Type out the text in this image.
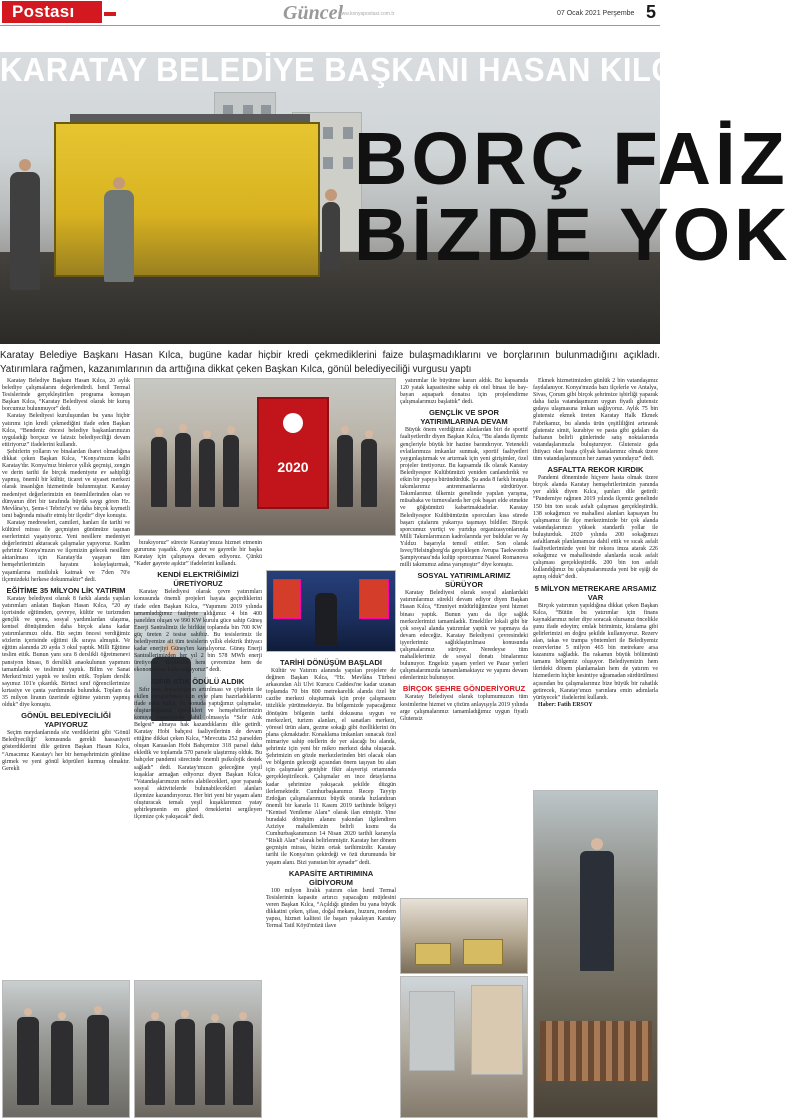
Postası	Güncel
www.konyapostasi.com.tr	07 Ocak 2021 Perşembe 5
KARATAY BELEDİYE BAŞKANI HASAN KILCA
BORÇ FAİZ
BİZDE YOK
Karatay Belediye Başkanı Hasan Kılca, bugüne kadar hiçbir kredi çekmediklerini faize bulaşmadıklarını ve borçlarının bulunmadığını açıkladı. Yatırımlara rağmen, kazanımlarının da arttığına dikkat çeken Başkan Kılca, gönül belediyeciliği vurgusu yaptı
2020

Karatay Belediye Başkanı Hasan Kılca, 20 aylık belediye çalışmalarını değerlendirdi. İsmil Termal Tesislerinde gerçekleştirilen programa konuşan Başkan Kılca, “Karatay Belediyesi olarak bir kuruş borcumuz bulunmuyor” dedi.

Karatay Belediyesi kuruluşundan bu yana hiçbir yatırımı için kredi çekmediğini ifade eden Başkan Kılca, “Bendeniz öncesi belediye başkanlarımızın uyguladığı borçsuz ve faizsiz belediyeciliği devam ettiriyoruz” ifadelerini kullandı.

Şehirlerin yolların ve binalardan ibaret olmadığına dikkat çeken Başkan Kılca, “Konya'mızın kalbi Karatay'dır. Konya'mız binlerce yıllık geçmişi, zengin ve derin tarihi ile birçok medeniyete ev sahipliği yapmış, önemli bir kültür, ticaret ve siyaset merkezi olarak insanlığın hizmetinde bulunmuştur. Karatay medeniyet değerlerimizin en önemlilerinden olan ve dünyanın dört bir tarafında büyük saygı gören Hz. Mevlâna'yı, Şems-i Tebrizi'yi ve daha birçok kıymetli ismi bağrında misafir etmiş bir ilçedir” diye konuştu.

Karatay medreseleri, camileri, hanları ile tarihi ve kültürel mirası ile geçmişten günümüze taşınan eserlerimizi yaşatıyoruz. Yeni nesillere medeniyet değerlerimizi aktaracak çalışmalar yapıyoruz. Kadim şehrimiz Konya'mızın ve ilçemizin gelecek nesillere aktarılması için Karatay'da yaşayan tüm hemşehrilerimizin hayatını kolaylaştırmak, yaşamlarına mutluluk katmak ve 7'den 70'e ilçemizdeki herkese dokunmaktır” dedi.

EĞİTİME 35 MİLYON LİK YATIRIM

Karatay belediyesi olarak 8 farklı alanda yapılan yatırımları anlatan Başkan Hasan Kılca, “20 ay içerisinde eğitimden, çevreye, kültür ve turizmden gençlik ve spora, sosyal yardımlardan ulaşıma, kentsel dönüşümden daha birçok alana kadar yatırımlarımızı oldu. Biz seçim öncesi verdiğimiz sözlerin içerisinde eğitimi ilk sıraya almıştık. Ve eğitim alanında 20 ayda 3 okul yaptık. Milli Eğitime teslim ettik. Bunun yanı sıra 8 derslikli öğretmenevi pansiyon binası, 8 derslikli anaokulunun yapımını tamamladık ve teslimini yaptık. Bilim ve Sanat Merkezi'mizi yaptık ve teslim ettik. Toplam derslik sayımız 101'e çıkardık. Birinci sınıf öğrencilerimize kırtasiye ve çanta yardımında bulunduk. Toplam da 35 milyon liranın üzerinde eğitime yatırım yapmış olduk” diye konuştu.

GÖNÜL BELEDİYECİLİĞİ YAPIYORUZ

Seçim meydanlarında söz verdiklerini gibi ‘Gönül Belediyeciliği’ konusunda gerekli hassasiyeti gösterdiklerini dile getiren Başkan Hasan Kılca, “Amacımız Karatay'ı her bir hemşehrimizin gönlüne girmek ve yeni gönül köprüleri kurmuş olmaktır. Gerekli

bırakıyoruz” sürecte Karatay'ımıza hizmet etmenin gururunu yaşadık. Aynı gurur ve gayretle bir başka Karatay için çalışmaya devam ediyoruz. Çünkü “Kader gayrete aşıktır” ifadelerini kullandı.

KENDİ ELEKTRİĞİMİZİ ÜRETİYORUZ

Karatay Belediyesi olarak çevre yatırımları konusunda önemli projeleri hayata geçirdiklerini ifade eden Başkan Kılca, “Yapımını 2019 yılında tamamladığımız faaliyete aldığımız 4 bin 400 panelden oluşan ve 990 KW kurulu güce sahip Güneş Enerji Santralimiz ile birlikte toplamda bin 700 KW güç üreten 2 tesise sahibiz. Bu tesislerimiz ile belediyemize ait tüm tesislerin yıllık elektrik ihtiyacı kadar enerjiyi Güneş'ten karşılıyoruz. Güneş Enerji Santrallerimizden her yıl 2 bin 578 MWh enerji üretiyoruz. Böylelikle hem çevremize hem de ekonomimize katkı sağlıyoruz” dedi.

SIFIR ATIK ÖDÜLÜ ALDIK

Sıfır atık duyarlılığının artırılması ve çöplerin ile ekilen ayrıştırılması için eyle planı hazırladıklarını ifade eden Kılca, bu konuda yaptığımız çalışmalar, oluşturduğumuz işbirlikleri ve hemşehrilerimizin konuya hassasiyetle dahil olmasıyla “Sıfır Atık Belgesi” almaya hak kazandıklarını dile getirdi. Karatay Hobi bahçesi faaliyetlerinin de devam ettiğine dikkat çeken Kılca, “Mevcutta 252 parselden oluşan Karaaslan Hobi Bahçemize 318 parsel daha ekledik ve toplamda 570 parsele ulaştırmış olduk. Bu bahçeler pandemi sürecinde önemli psikolojik destek sağladı” dedi. Karatay'ımızın geleceğine yeşil kuşaklar armağan ediyoruz diyen Başkan Kılca, “Vatandaşlarımızın nefes alabilecekleri, spor yaparak sosyal aktivitelerde bulunabilecekleri alanları ilçemize kazandırıyoruz. Her biri yeni bir yaşam alanı oluşturacak temalı yeşil kuşaklarımızı yatay şehirleşmenin en güzel örneklerini sergileyen ilçemize çok yakışacak” dedi.

TARİHİ DÖNÜŞÜM BAŞLADI

Kültür ve Yatırım alanında yapılan projelere de değinen Başkan Kılca, “Hz. Mevlâna Türbesi arkasından Ali Ulvi Kurucu Caddesi'ne kadar uzanan toplamda 70 bin 800 metrekarelik alanda özel bir cazibe merkezi oluşturmak için proje çalışmasını titizlikle yürütmekteyiz. Bu bölgemizde yapacağımız dönüşüm bölgenin tarihi dokusuna uygun ve merkezleri, turizm alanları, el sanatları merkezi, yöresel ürün alanı, gezme sokağı gibi özelliklerini ön plana çıkmaktadır. Konaklama imkanları sunacak özel mimariye sahip otellerin de yer alacağı bu alanda, şehrimiz için yeni bir mikro merkezi daha oluşacak. Şehrimizin en gözde merkezlerinden biri olacak olan ve bölgenin geleceği açısından önem taşıyan bu alan için çalışmalar genişbir fikir alışverişi ortamında gerçekleştirilecek. Çalışmalar en ince detaylarına kadar şehrimize yakışacak şekilde düzgün ilerlemektedir. Cumhurbaşkanımız Recep Tayyip Erdoğan çalışmalarımızı büyük oranda hızlandıran önemli bir kararla 11 Kasım 2019 tarihinde bölgeyi “Kentsel Yenileme Alanı” olarak ilan etmiştir. Yine buradaki dönüşüm alanını yakından ilgilendiren Aziziye mahallemizin belirli kısmı da Cumhurbaşkanımızın 14 Nisan 2020 tarihli kararıyla “Riskli Alan” olarak belirlenmiştir. Karatay her dönem geçmişin mirası, bizim ortak tarihimizdir. Karatay tarihi ile Konya'nın çekirdeği ve özü durumunda bir yaşam alanı. Bizi yansıtan bir aynadır” dedi.

KAPASİTE ARTIRIMINA GİDİYORUM

100 milyon liralık yatırım olan İsmil Termal Tesislerinin kapasite artırıcı yapacağını müjdesini veren Başkan Kılca, “Açıldığı günden bu yana büyük dikkatini çeken, şifası, doğal mekanı, huzuru, modern yapısı, hizmet kalitesi ile başarı yakalayan Karatay Termal Tatil Köyü'müzü ilave

yatırımlar ile büyütme kararı aldık. Bu kapsamda 120 yatak kapasitesine sahip ek otel binası ile bay-bayan aquapark donatısı için projelendirme çalışmalarımızı başlattık” dedi.

GENÇLİK VE SPOR YATIRIMLARINA DEVAM

Büyük önem verdiğimiz alanlardan biri de sportif faaliyetlerdir diyen Başkan Kılca, “Bu alanda ilçemiz gençleriyle büyük bir hazine barındırıyor. Yetenekli evlatlarımıza imkanlar sunmak, sportif faaliyetleri yaygınlaştırmak ve artırmak için yeni girişimler, özel projeler üretiyoruz. Bu kapsamda ilk olarak Karatay Belediyespor Kulübümüzü yeniden canlandırdık ve etkin bir yapıya büründürdük. Şu anda 8 farklı branşta takımlarımız antrenmanlarına sürdürüyor. Takımlarımız ülkemiz genelinde yapılan yarışma, müsabaka ve turnuvalarda her çok başarı elde etmekte ve göğsümüzü kabartmaktadırlar. Karatay Belediyespor Kulübümüzün sporcuları kısa sürede başarı çıtalarını yukarıya taşımayı bildiler. Birçok sporcumuz yurtiçi ve yurtdışı organizasyonlarında Milli Takımlarımızın kadrolarında yer buldular ve Ay Yıldızı başarıyla temsil ettiler. Son olarak Isveç/Helsingborg'da gerçekleşen Avrupa Taekwondo Şampiyonası'nda kulüp sporcumuz Nasrel Romanova milli takımımız adına yarışmıştır” diye konuştu.

SOSYAL YATIRIMLARIMIZ SÜRÜYOR

Karatay Belediyesi olarak sosyal alanlardaki yatırımlarımız sürekli devam ediyor diyen Başkan Hasan Kılca, “Emniyet müdürlüğümüze yeni hizmet binası yaptık. Bunun yanı da ilçe sağlık merkezlerimizi tamamladık. Emekliler lokali gibi bir çok sosyal alanda yatırımlar yaptık ve yapmaya da devam edeceğiz. Karatay Belediyesi çevresindeki işyerlerimiz sağlıklaştırılması konusunda çalışmalarımız sürüyor. Neredeyse tüm mahallelerimiz de sosyal donatı binalarımız bulunuyor. Engelsiz yaşam yerleri ve Pazar yerleri çalışmalarımızda tamamlamaktayız ve yapımı devam edenlerimiz bulunuyor.

BİRÇOK ŞEHRE GÖNDERİYORUZ

Karatay Belediyesi olarak toplumumuzun tüm kesimlerine hizmet ve çözüm anlayışıyla 2019 yılında arge çalışmalarımız tamamladığımız uygun fiyatlı Glutensiz

Ekmek hizmetimizden günlük 2 bin vatandaşımız faydalanıyor. Konya'mızda bazı ilçelerle ve Antalya, Sivas, Çorum gibi birçok şehrimize işbirliği yaparak daha fazla vatandaşımızın uygun fiyatlı glutensiz gıdaya ulaşmasına imkan sağlıyoruz. Aylık 75 bin glutensiz ekmek üreten Karatay Halk Ekmek Fabrikamız, bu alanda ürün çeşitliliğini artırarak glutensiz simit, kurabiye ve pasta gibi gıdaları da haftanın belirli günlerinde satış noktalarında vatandaşlarımızla buluşturuyor. Glutensiz gıda ihtiyacı olan başta çölyak hastalarımız olmak üzere tüm vatandaşlarımızın her zaman yanındayız” dedi.

ASFALTTA REKOR KIRDIK

Pandemi döneminde hiçyere hasta olmak üzere birçok alanda Karatay hemşehrilerimizin yanında yer aldık diyen Kılca, şunları dile getirdi: “Pandemiye rağmen 2019 yılında ilçemiz genelinde 150 bin ton sıcak asfalt çalışması gerçekleştirdik. 138 sokağımızı ve mahallesi alanları kapsayan bu çalışmamız ile ilçe merkezimizde bir çok alanda vatandaşlarımızı yüksek standartlı yollar ile buluşturduk. 2020 yılında 200 sokağımızı asfaltlamak planlamamıza dahil ettik ve sıcak asfalt faaliyetlerimizde yeni bir rekora imza atarak 226 sokağımız ve mahallesinde alanlarda sıcak asfalt çalışması gerçekleştirdik. 200 bin ton asfalt kullandığımız bu çalışmalarımızda yeni bir eşiği de aşmış olduk” dedi.

5 MİLYON METREKARE ARSAMIZ VAR

Birçok yatırımın yapıldığına dikkat çeken Başkan Kılca, “Bütün bu yatırımlar için finans kaynaklarımız neler diye soracak olursanız öncelikle şunu ifade edeyim; emlak birimimiz, kiralama gibi gelirlerimizi en doğru şekilde kullanıyoruz. Rezerv alan, takas ve trampa yöntemleri ile Belediyemiz rezervlerine 5 milyon 465 bin metrekare arsa kazanımı sağladık. Bu rakamın büyük bölümünü tamamı bölgemiz oluşuyor. Belediyemizin hem ilerideki dönem planlamaları hem de yatırım ve hizmetlerin hiçbir kesintiye uğramadan sürdürülmesi açısından bu çalışmalarımız bize büyük bir rahatlık getirecek, Karatay'ımızı yarınlara emin adımlarla yürüyecek” ifadelerini kullandı.

Haber: Fatih ERSOY
